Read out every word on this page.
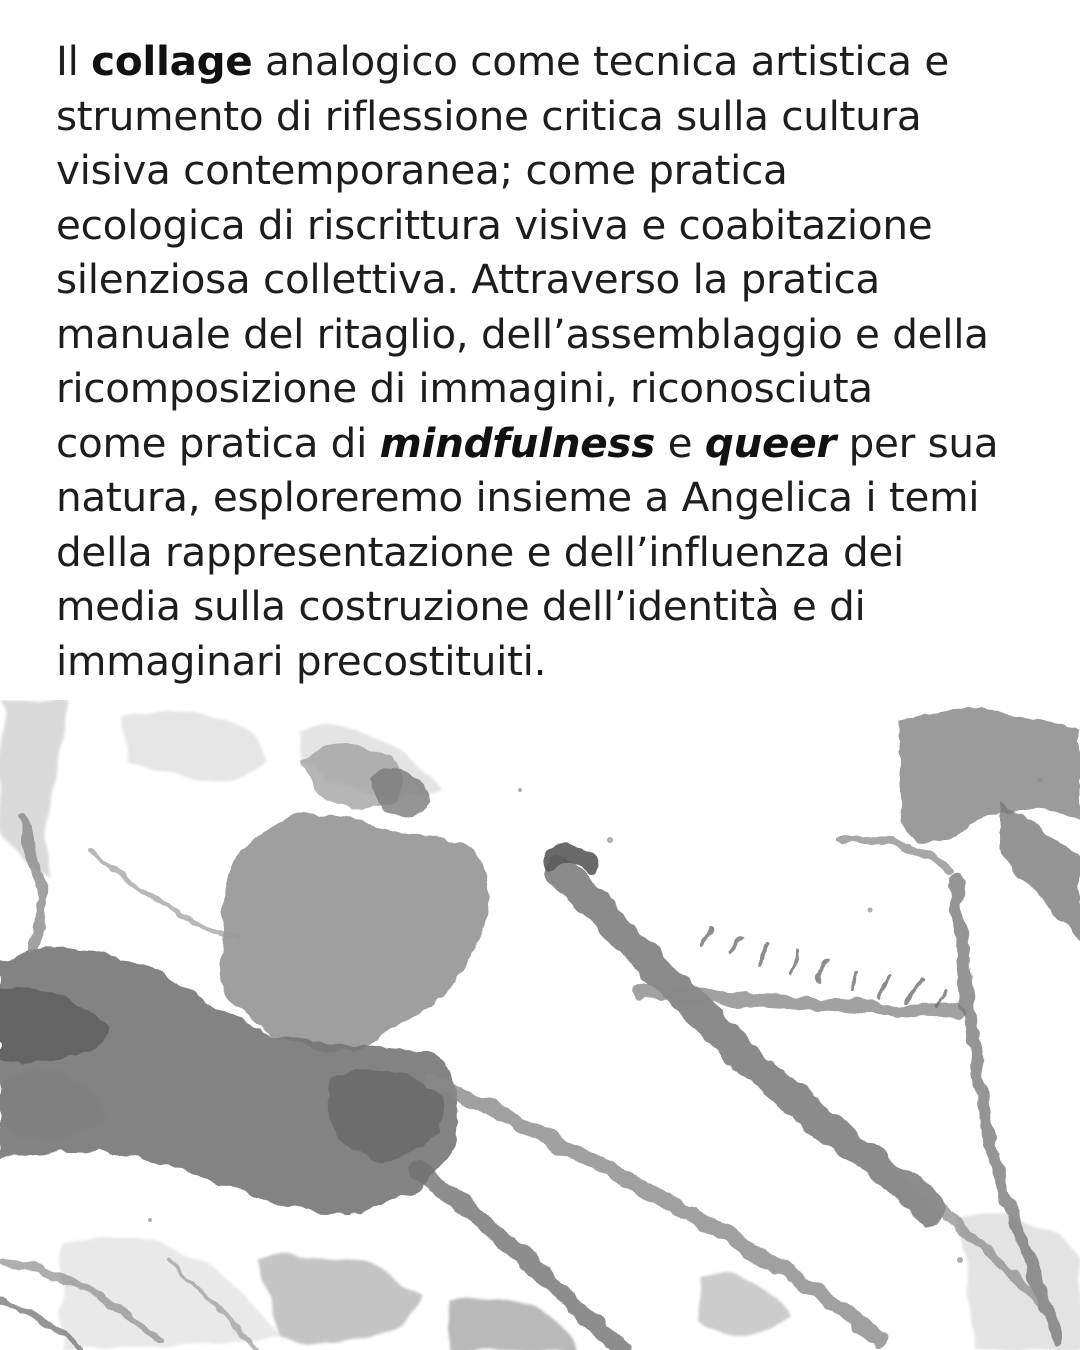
Il collage analogico come tecnica artistica e
strumento di riflessione critica sulla cultura
visiva contemporanea; come pratica
ecologica di riscrittura visiva e coabitazione
silenziosa collettiva. Attraverso la pratica
manuale del ritaglio, dell’assemblaggio e della
ricomposizione di immagini, riconosciuta
come pratica di mindfulness e queer per sua
natura, esploreremo insieme a Angelica i temi
della rappresentazione e dell’influenza dei
media sulla costruzione dell’identità e di
immaginari precostituiti.
